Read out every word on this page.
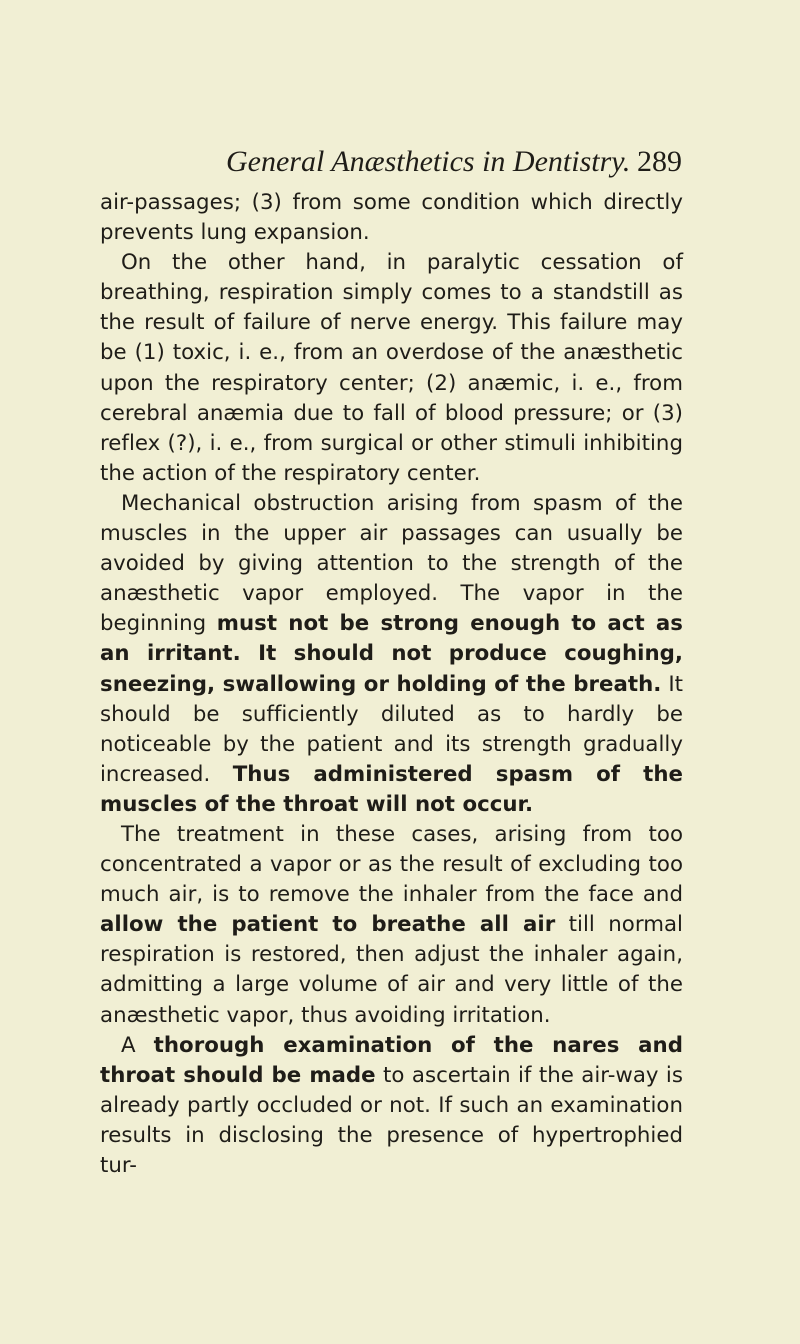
General Anæsthetics in Dentistry. 289

air-passages; (3) from some condition which directly prevents lung expansion.

On the other hand, in paralytic cessation of breathing, respiration simply comes to a standstill as the result of failure of nerve energy. This failure may be (1) toxic, i. e., from an overdose of the anæsthetic upon the respiratory center; (2) anæmic, i. e., from cerebral anæmia due to fall of blood pressure; or (3) reflex (?), i. e., from surgical or other stimuli inhibiting the action of the respiratory center.

Mechanical obstruction arising from spasm of the muscles in the upper air passages can usually be avoided by giving attention to the strength of the anæsthetic vapor employed. The vapor in the beginning must not be strong enough to act as an irritant. It should not produce coughing, sneezing, swallowing or holding of the breath. It should be sufficiently diluted as to hardly be noticeable by the patient and its strength gradually increased. Thus administered spasm of the muscles of the throat will not occur.

The treatment in these cases, arising from too concentrated a vapor or as the result of excluding too much air, is to remove the inhaler from the face and allow the patient to breathe all air till normal respiration is restored, then adjust the inhaler again, admitting a large volume of air and very little of the anæsthetic vapor, thus avoiding irritation.

A thorough examination of the nares and throat should be made to ascertain if the air-way is already partly occluded or not. If such an examination results in disclosing the presence of hypertrophied tur-
